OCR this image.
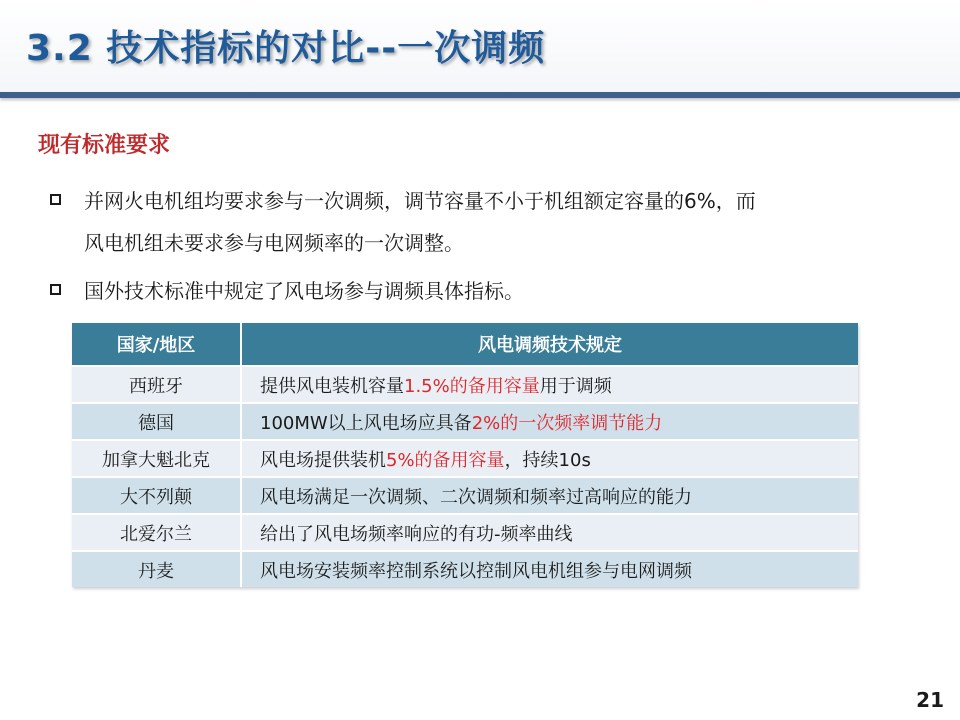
3.2 技术指标的对比--一次调频
现有标准要求
并网火电机组均要求参与一次调频，调节容量不小于机组额定容量的6%，而
风电机组未要求参与电网频率的一次调整。
国外技术标准中规定了风电场参与调频具体指标。
国家/地区	风电调频技术规定
西班牙	提供风电装机容量1.5%的备用容量用于调频
德国	100MW以上风电场应具备2%的一次频率调节能力
加拿大魁北克	风电场提供装机5%的备用容量，持续10s
大不列颠	风电场满足一次调频、二次调频和频率过高响应的能力
北爱尔兰	给出了风电场频率响应的有功-频率曲线
丹麦	风电场安装频率控制系统以控制风电机组参与电网调频
21
